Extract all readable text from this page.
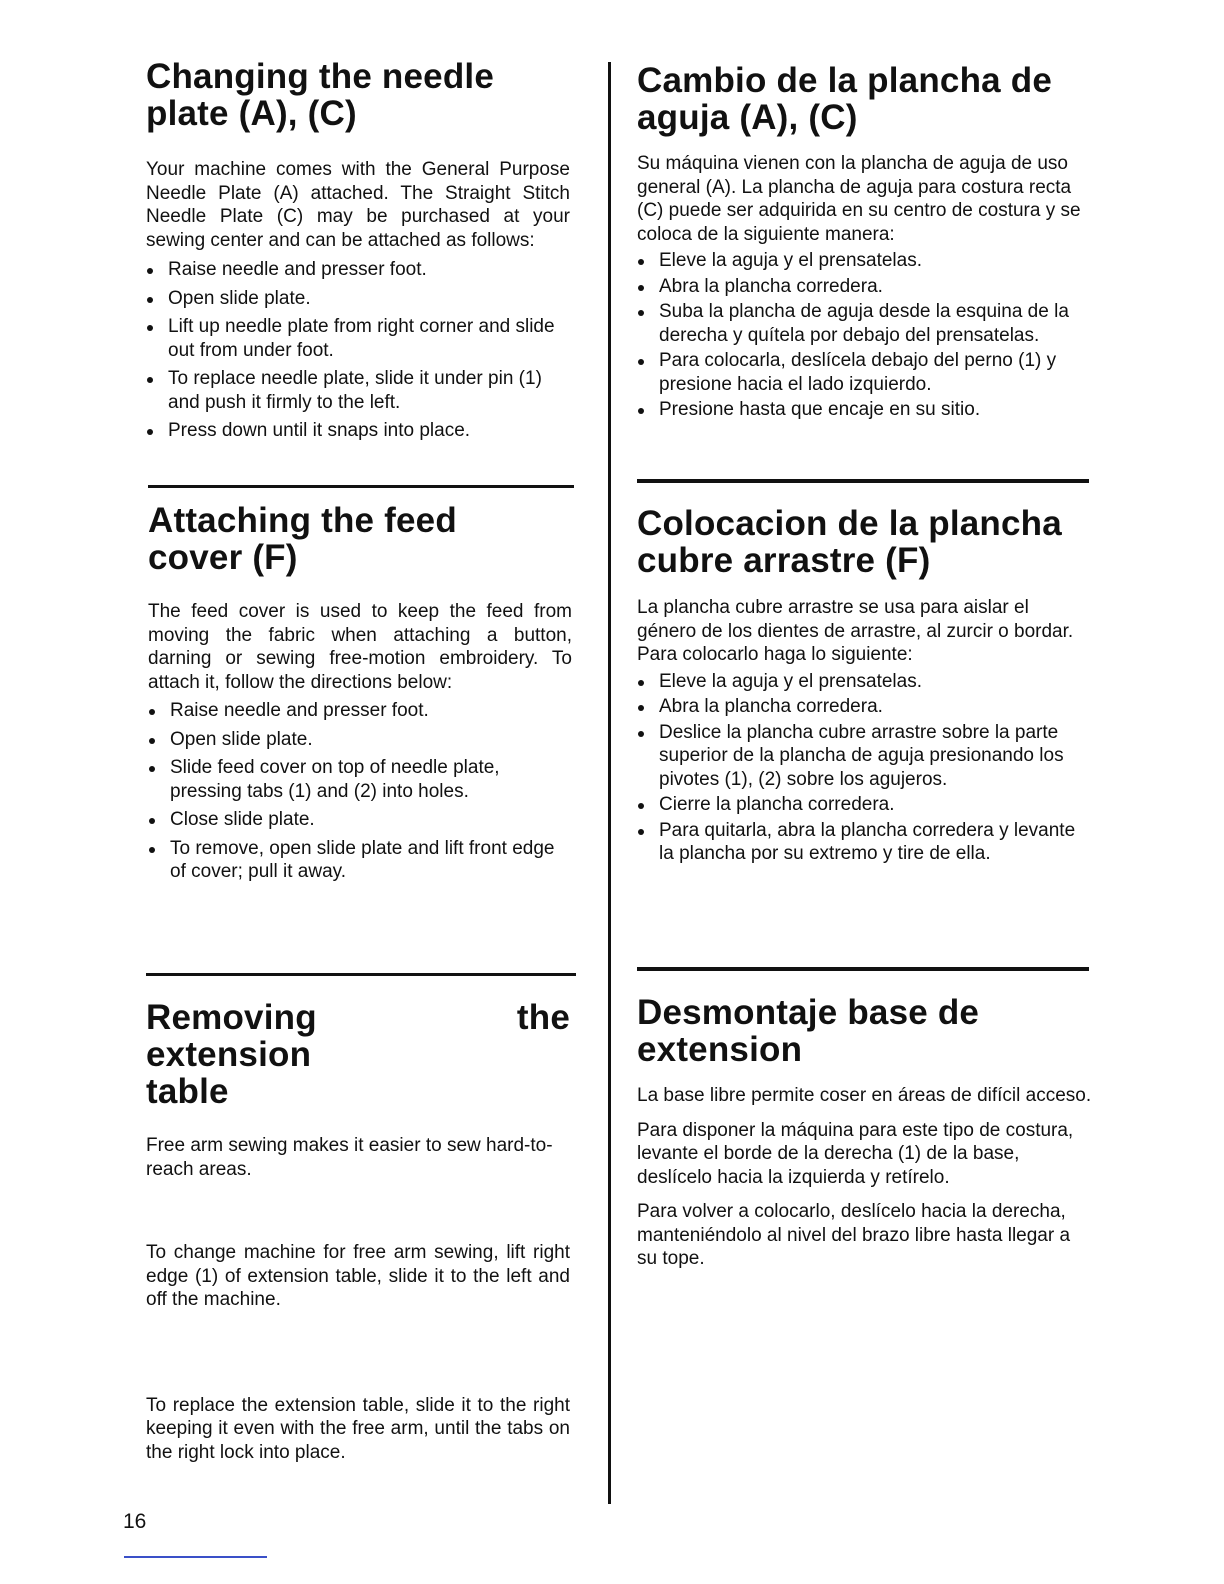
Changing the needle
plate (A), (C)

Your machine comes with the General Purpose Needle Plate (A) attached. The Straight Stitch Needle Plate (C) may be purchased at your sewing center and can be attached as follows:

Raise needle and presser foot.
Open slide plate.
Lift up needle plate from right corner and slide out from under foot.
To replace needle plate, slide it under pin (1) and push it firmly to the left.
Press down until it snaps into place.
Attaching the feed
cover (F)

The feed cover is used to keep the feed from moving the fabric when attaching a button, darning or sewing free-motion embroidery. To attach it, follow the directions below:

Raise needle and presser foot.
Open slide plate.
Slide feed cover on top of needle plate, pressing tabs (1) and (2) into holes.
Close slide plate.
To remove, open slide plate and lift front edge of cover; pull it away.
Removing the extension
table

Free arm sewing makes it easier to sew hard-to-reach areas.

To change machine for free arm sewing, lift right edge (1) of extension table, slide it to the left and off the machine.

To replace the extension table, slide it to the right keeping it even with the free arm, until the tabs on the right lock into place.

Cambio de la plancha de
aguja (A), (C)

Su máquina vienen con la plancha de aguja de uso general (A). La plancha de aguja para costura recta (C) puede ser adquirida en su centro de costura y se coloca de la siguiente manera:

Eleve la aguja y el prensatelas.
Abra la plancha corredera.
Suba la plancha de aguja desde la esquina de la derecha y quítela por debajo del prensatelas.
Para colocarla, deslícela debajo del perno (1) y presione hacia el lado izquierdo.
Presione hasta que encaje en su sitio.
Colocacion de la plancha
cubre arrastre (F)

La plancha cubre arrastre se usa para aislar el género de los dientes de arrastre, al zurcir o bordar. Para colocarlo haga lo siguiente:

Eleve la aguja y el prensatelas.
Abra la plancha corredera.
Deslice la plancha cubre arrastre sobre la parte superior de la plancha de aguja presionando los pivotes (1), (2) sobre los agujeros.
Cierre la plancha corredera.
Para quitarla, abra la plancha corredera y levante la plancha por su extremo y tire de ella.
Desmontaje base de
extension

La base libre permite coser en áreas de difícil acceso.

Para disponer la máquina para este tipo de costura, levante el borde de la derecha (1) de la base, deslícelo hacia la izquierda y retírelo.

Para volver a colocarlo, deslícelo hacia la derecha, manteniéndolo al nivel del brazo libre hasta llegar a su tope.

16
